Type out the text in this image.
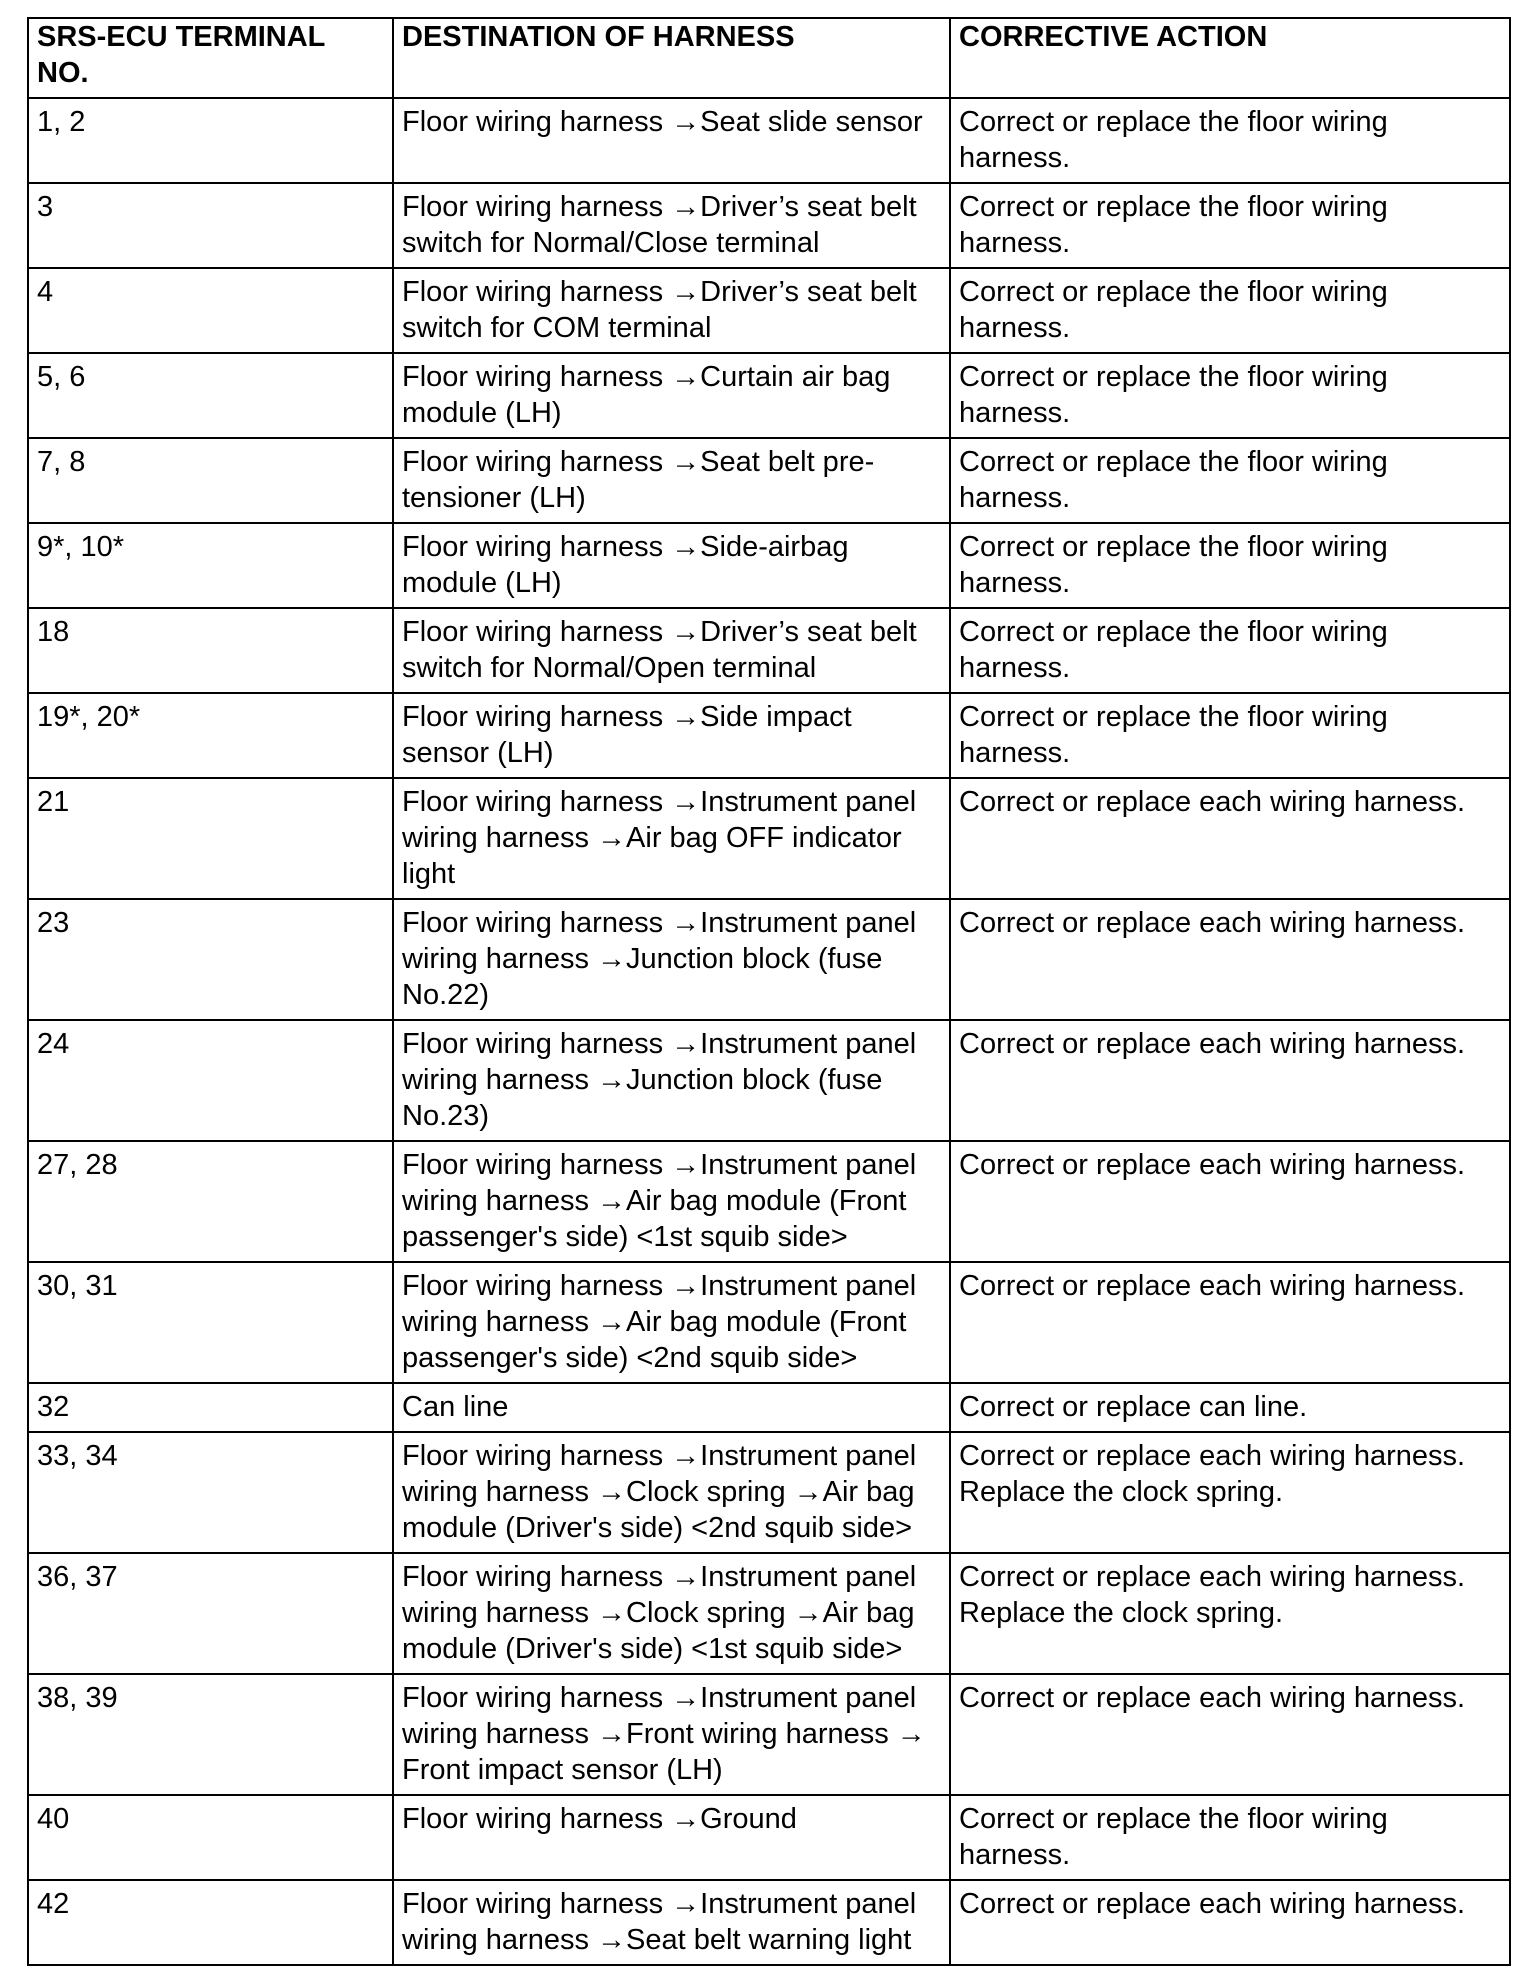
SRS-ECU TERMINAL NO.	DESTINATION OF HARNESS	CORRECTIVE ACTION

1, 2	Floor wiring harness →Seat slide sensor	Correct or replace the floor wiring harness.

3	Floor wiring harness →Driver’s seat belt switch for Normal/Close terminal	Correct or replace the floor wiring harness.

4	Floor wiring harness →Driver’s seat belt switch for COM terminal	Correct or replace the floor wiring harness.

5, 6	Floor wiring harness →Curtain air bag module (LH)	Correct or replace the floor wiring harness.

7, 8	Floor wiring harness →Seat belt pre-tensioner (LH)	Correct or replace the floor wiring harness.

9*, 10*	Floor wiring harness →Side-airbag module (LH)	Correct or replace the floor wiring harness.

18	Floor wiring harness →Driver’s seat belt switch for Normal/Open terminal	Correct or replace the floor wiring harness.

19*, 20*	Floor wiring harness →Side impact sensor (LH)	Correct or replace the floor wiring harness.

21	Floor wiring harness →Instrument panel wiring harness →Air bag OFF indicator light	Correct or replace each wiring harness.

23	Floor wiring harness →Instrument panel wiring harness →Junction block (fuse No.22)	Correct or replace each wiring harness.

24	Floor wiring harness →Instrument panel wiring harness →Junction block (fuse No.23)	Correct or replace each wiring harness.

27, 28	Floor wiring harness →Instrument panel wiring harness →Air bag module (Front passenger's side) <1st squib side>	Correct or replace each wiring harness.

30, 31	Floor wiring harness →Instrument panel wiring harness →Air bag module (Front passenger's side) <2nd squib side>	Correct or replace each wiring harness.

32	Can line	Correct or replace can line.

33, 34	Floor wiring harness →Instrument panel wiring harness →Clock spring →Air bag module (Driver's side) <2nd squib side>	Correct or replace each wiring harness. Replace the clock spring.

36, 37	Floor wiring harness →Instrument panel wiring harness →Clock spring →Air bag module (Driver's side) <1st squib side>	Correct or replace each wiring harness. Replace the clock spring.

38, 39	Floor wiring harness →Instrument panel wiring harness →Front wiring harness → Front impact sensor (LH)	Correct or replace each wiring harness.

40	Floor wiring harness →Ground	Correct or replace the floor wiring harness.

42	Floor wiring harness →Instrument panel wiring harness →Seat belt warning light	Correct or replace each wiring harness.
